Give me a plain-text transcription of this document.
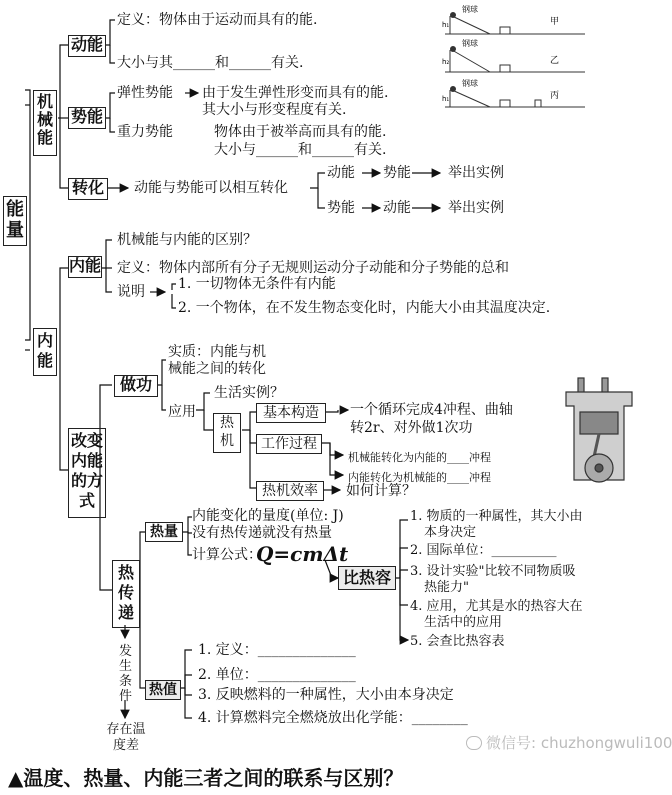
能量
机械能
动能
定义：物体由于运动而具有的能.
大小与其______和______有关.
势能
弹性势能 由于发生弹性形变而具有的能.
其大小与形变程度有关.
重力势能	物体由于被举高而具有的能.
大小与______和______有关.
转化 动能与势能可以相互转化
动能 势能	举出实例
势能 动能	举出实例
钢球
钢球
钢球
h₁
h₂
h₁
甲
乙
丙
内能
内能
机械能与内能的区别？
定义：物体内部所有分子无规则运动分子动能和分子势能的总和
说明 1. 一切物体无条件有内能
2. 一个物体，在不发生物态变化时，内能大小由其温度决定.
改变内能的方式
做功
实质：内能与机
械能之间的转化
应用
生活实例？
热机
基本构造
工作过程
热机效率	如何计算？
一个循环完成4冲程、曲轴
转2r、对外做1次功
机械能转化为内能的____冲程
内能转化为机械能的____冲程
热传递
发生条件
存在温度差
热量
内能变化的量度(单位: J)
没有热传递就没有热量
计算公式：
Q=cmΔt
比热容
1. 物质的一种属性，其大小由
本身决定
2. 国际单位：__________
3. 设计实验"比较不同物质吸
热能力"
4. 应用，尤其是水的热容大在
生活中的应用
5. 会查比热容表
热值
1. 定义：______________
2. 单位：______________
3. 反映燃料的一种属性，大小由本身决定
4. 计算燃料完全燃烧放出化学能：________
微信号: chuzhongwuli100
▲温度、热量、内能三者之间的联系与区别？
